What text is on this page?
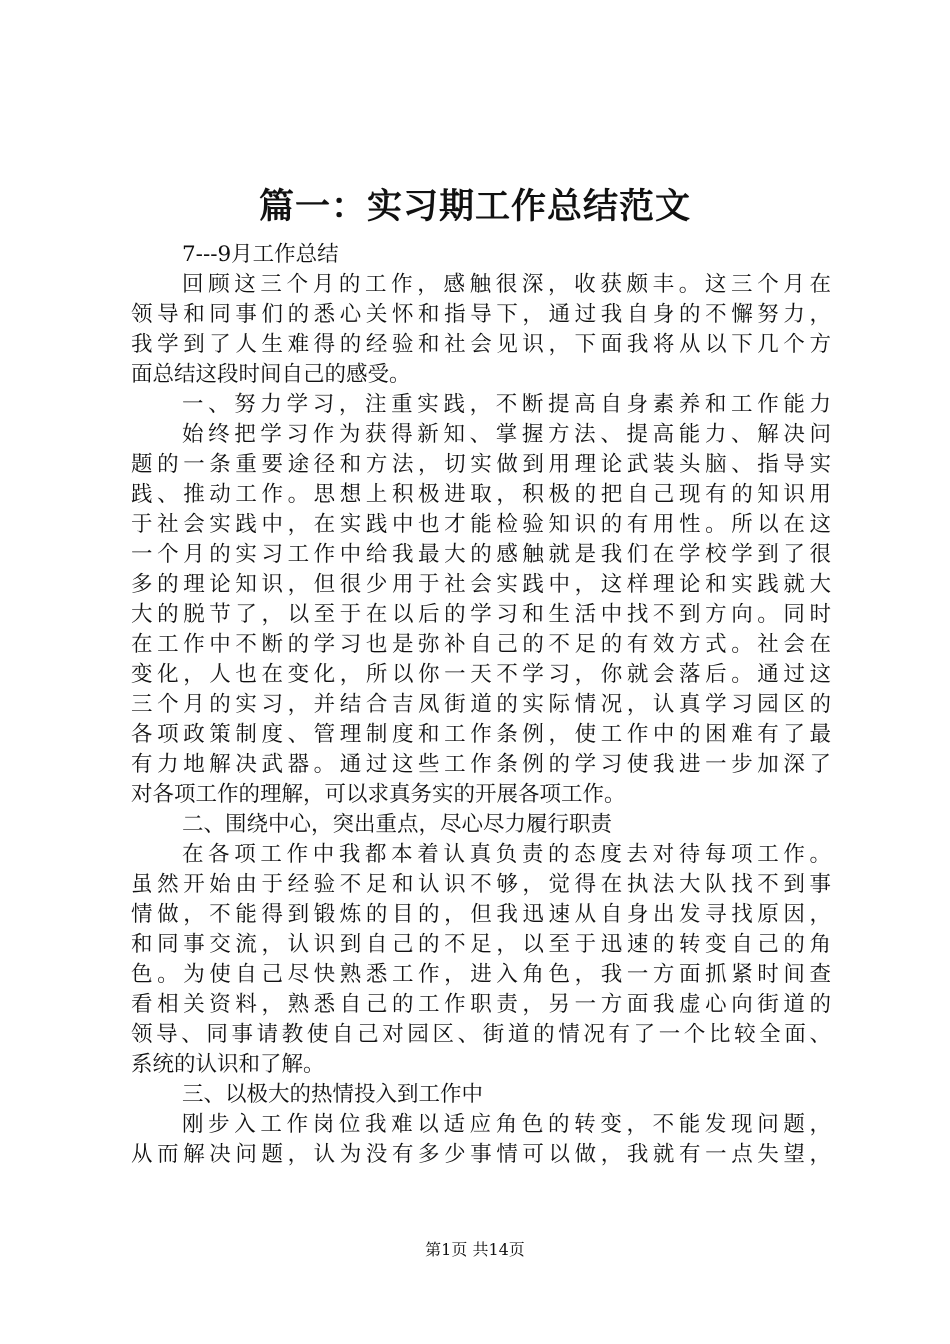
篇一：实习期工作总结范文

7---9月工作总结

回顾这三个月的工作，感触很深，收获颇丰。这三个月在

领导和同事们的悉心关怀和指导下，通过我自身的不懈努力，

我学到了人生难得的经验和社会见识，下面我将从以下几个方

面总结这段时间自己的感受。

一、努力学习，注重实践，不断提高自身素养和工作能力

始终把学习作为获得新知、掌握方法、提高能力、解决问

题的一条重要途径和方法，切实做到用理论武装头脑、指导实

践、推动工作。思想上积极进取，积极的把自己现有的知识用

于社会实践中，在实践中也才能检验知识的有用性。所以在这

一个月的实习工作中给我最大的感触就是我们在学校学到了很

多的理论知识，但很少用于社会实践中，这样理论和实践就大

大的脱节了，以至于在以后的学习和生活中找不到方向。同时

在工作中不断的学习也是弥补自己的不足的有效方式。社会在

变化，人也在变化，所以你一天不学习，你就会落后。通过这

三个月的实习，并结合吉凤街道的实际情况，认真学习园区的

各项政策制度、管理制度和工作条例，使工作中的困难有了最

有力地解决武器。通过这些工作条例的学习使我进一步加深了

对各项工作的理解，可以求真务实的开展各项工作。

二、围绕中心，突出重点，尽心尽力履行职责

在各项工作中我都本着认真负责的态度去对待每项工作。

虽然开始由于经验不足和认识不够，觉得在执法大队找不到事

情做，不能得到锻炼的目的，但我迅速从自身出发寻找原因，

和同事交流，认识到自己的不足，以至于迅速的转变自己的角

色。为使自己尽快熟悉工作，进入角色，我一方面抓紧时间查

看相关资料，熟悉自己的工作职责，另一方面我虚心向街道的

领导、同事请教使自己对园区、街道的情况有了一个比较全面、

系统的认识和了解。

三、以极大的热情投入到工作中

刚步入工作岗位我难以适应角色的转变，不能发现问题，

从而解决问题，认为没有多少事情可以做，我就有一点失望，

第1页 共14页
